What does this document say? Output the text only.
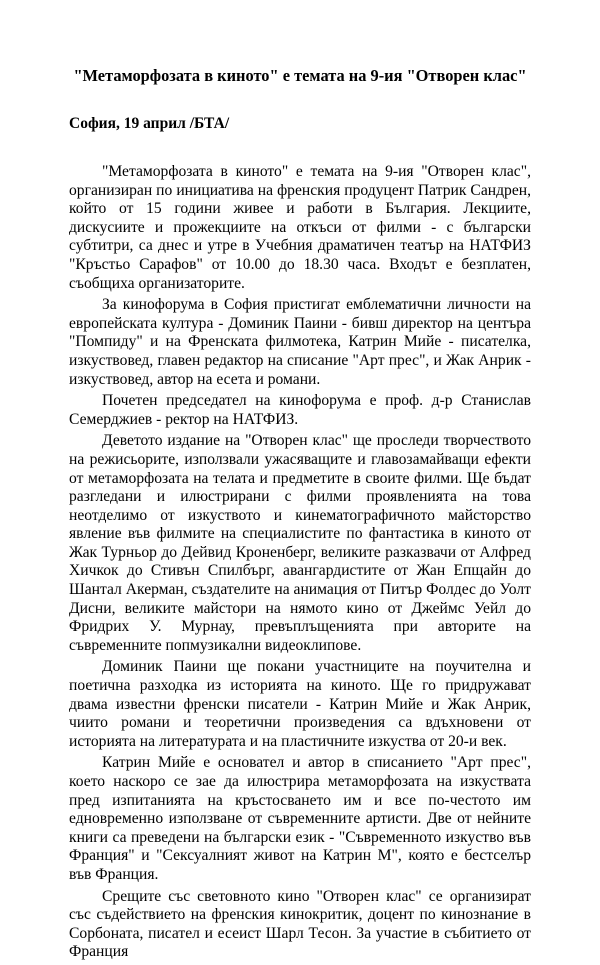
"Метаморфозата в киното" е темата на 9-ия "Отворен клас"

София, 19 април /БТА/

"Метаморфозата в киното" е темата на 9-ия "Отворен клас", организиран по инициатива на френския продуцент Патрик Сандрен, който от 15 години живее и работи в България. Лекциите, дискусиите и прожекциите на откъси от филми - с български субтитри, са днес и утре в Учебния драматичен театър на НАТФИЗ "Кръстьо Сарафов" от 10.00 до 18.30 часа. Входът е безплатен, съобщиха организаторите.

За кинофорума в София пристигат емблематични личности на европейската култура - Доминик Паини - бивш директор на центъра "Помпиду" и на Френската филмотека, Катрин Мийе - писателка, изкуствовед, главен редактор на списание "Арт прес", и Жак Анрик - изкуствовед, автор на есета и романи.

Почетен председател на кинофорума е проф. д-р Станислав Семерджиев - ректор на НАТФИЗ.

Деветото издание на "Отворен клас" ще проследи творчеството на режисьорите, използвали ужасяващите и главозамайващи ефекти от метаморфозата на телата и предметите в своите филми. Ще бъдат разгледани и илюстрирани с филми проявленията на това неотделимо от изкуството и кинематографичното майсторство явление във филмите на специалистите по фантастика в киното от Жак Турньор до Дейвид Кроненберг, великите разказвачи от Алфред Хичкок до Стивън Спилбърг, авангардистите от Жан Епщайн до Шантал Акерман, създателите на анимация от Питър Фолдес до Уолт Дисни, великите майстори на нямото кино от Джеймс Уейл до Фридрих У. Мурнау, превъплъщенията при авторите на съвременните попмузикални видеоклипове.

Доминик Паини ще покани участниците на поучителна и поетична разходка из историята на киното. Ще го придружават двама известни френски писатели - Катрин Мийе и Жак Анрик, чиито романи и теоретични произведения са вдъхновени от историята на литературата и на пластичните изкуства от 20-и век.

Катрин Мийе е основател и автор в списанието "Арт прес", което наскоро се зае да илюстрира метаморфозата на изкуствата пред изпитанията на кръстосването им и все по-честото им едновременно използване от съвременните артисти. Две от нейните книги са преведени на български език - "Съвременното изкуство във Франция" и "Сексуалният живот на Катрин М", която е бестселър във Франция.

Срещите със световното кино "Отворен клас" се организират със съдействието на френския кинокритик, доцент по кинознание в Сорбоната, писател и есеист Шарл Тесон. За участие в събитието от Франция
